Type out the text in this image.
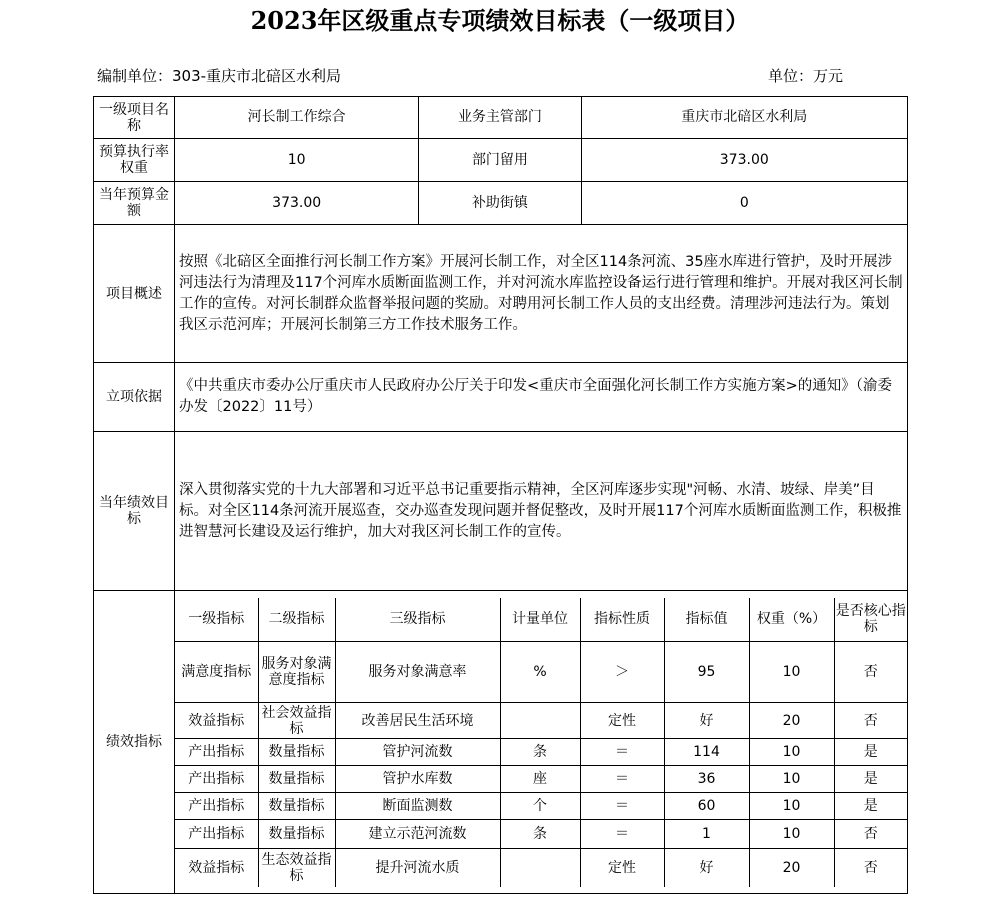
2023年区级重点专项绩效目标表（一级项目）
编制单位：303-重庆市北碚区水利局	单位：万元
一级项目名称	河长制工作综合	业务主管部门	重庆市北碚区水利局
预算执行率权重	10	部门留用	373.00
当年预算金额	373.00	补助街镇	0
项目概述	按照《北碚区全面推行河长制工作方案》开展河长制工作，对全区114条河流、35座水库进行管护，及时开展涉河违法行为清理及117个河库水质断面监测工作，并对河流水库监控设备运行进行管理和维护。开展对我区河长制工作的宣传。对河长制群众监督举报问题的奖励。对聘用河长制工作人员的支出经费。清理涉河违法行为。策划我区示范河库；开展河长制第三方工作技术服务工作。
立项依据	《中共重庆市委办公厅重庆市人民政府办公厅关于印发<重庆市全面强化河长制工作方实施方案>的通知》（渝委办发〔2022〕11号）
当年绩效目标	深入贯彻落实党的十九大部署和习近平总书记重要指示精神，全区河库逐步实现"河畅、水清、坡绿、岸美”目标。对全区114条河流开展巡查，交办巡查发现问题并督促整改，及时开展117个河库水质断面监测工作，积极推进智慧河长建设及运行维护，加大对我区河长制工作的宣传。
绩效指标	
一级指标	二级指标	三级指标	计量单位	指标性质	指标值	权重（%）	是否核心指标
满意度指标	服务对象满意度指标	服务对象满意率	%	＞	95	10	否
效益指标	社会效益指标	改善居民生活环境		定性	好	20	否
产出指标	数量指标	管护河流数	条	＝	114	10	是
产出指标	数量指标	管护水库数	座	＝	36	10	是
产出指标	数量指标	断面监测数	个	＝	60	10	是
产出指标	数量指标	建立示范河流数	条	＝	1	10	否
效益指标	生态效益指标	提升河流水质		定性	好	20	否
